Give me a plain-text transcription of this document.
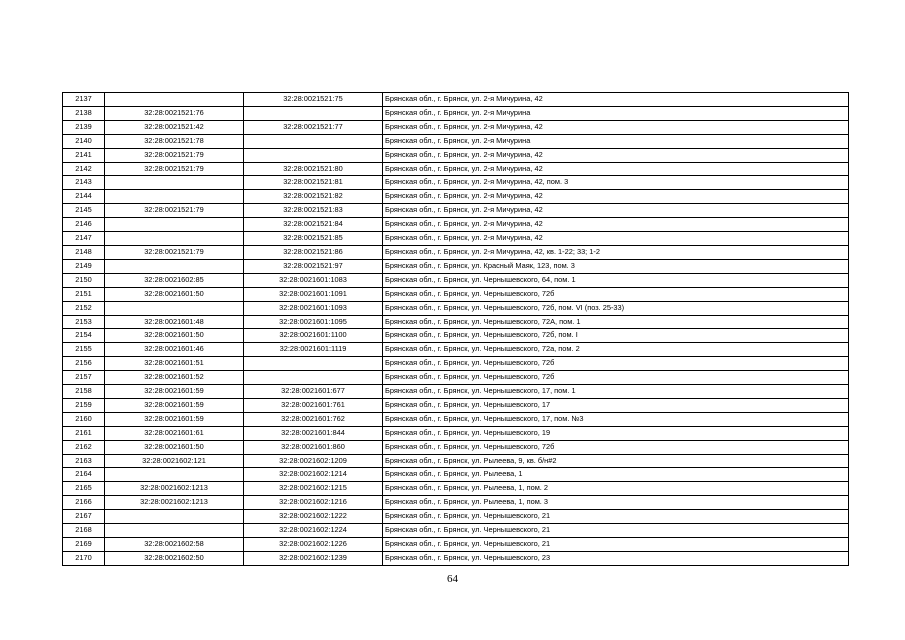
2137		32:28:0021521:75	Брянская обл., г. Брянск, ул. 2-я Мичурина, 42
2138	32:28:0021521:76		Брянская обл., г. Брянск, ул. 2-я Мичурина
2139	32:28:0021521:42	32:28:0021521:77	Брянская обл., г. Брянск, ул. 2-я Мичурина, 42
2140	32:28:0021521:78		Брянская обл., г. Брянск, ул. 2-я Мичурина
2141	32:28:0021521:79		Брянская обл., г. Брянск, ул. 2-я Мичурина, 42
2142	32:28:0021521:79	32:28:0021521:80	Брянская обл., г. Брянск, ул. 2-я Мичурина, 42
2143		32:28:0021521:81	Брянская обл., г. Брянск, ул. 2-я Мичурина, 42, пом. 3
2144		32:28:0021521:82	Брянская обл., г. Брянск, ул. 2-я Мичурина, 42
2145	32:28:0021521:79	32:28:0021521:83	Брянская обл., г. Брянск, ул. 2-я Мичурина, 42
2146		32:28:0021521:84	Брянская обл., г. Брянск, ул. 2-я Мичурина, 42
2147		32:28:0021521:85	Брянская обл., г. Брянск, ул. 2-я Мичурина, 42
2148	32:28:0021521:79	32:28:0021521:86	Брянская обл., г. Брянск, ул. 2-я Мичурина, 42, кв. 1-22; 33; 1-2
2149		32:28:0021521:97	Брянская обл., г. Брянск, ул. Красный Маяк, 123, пом. 3
2150	32:28:0021602:85	32:28:0021601:1083	Брянская обл., г. Брянск, ул. Чернышевского, 64, пом. 1
2151	32:28:0021601:50	32:28:0021601:1091	Брянская обл., г. Брянск, ул. Чернышевского, 72б
2152		32:28:0021601:1093	Брянская обл., г. Брянск, ул. Чернышевского, 72б, пом. VI (поз. 25-33)
2153	32:28:0021601:48	32:28:0021601:1095	Брянская обл., г. Брянск, ул. Чернышевского, 72А, пом. 1
2154	32:28:0021601:50	32:28:0021601:1100	Брянская обл., г. Брянск, ул. Чернышевского, 72б, пом. I
2155	32:28:0021601:46	32:28:0021601:1119	Брянская обл., г. Брянск, ул. Чернышевского, 72а, пом. 2
2156	32:28:0021601:51		Брянская обл., г. Брянск, ул. Чернышевского, 72б
2157	32:28:0021601:52		Брянская обл., г. Брянск, ул. Чернышевского, 72б
2158	32:28:0021601:59	32:28:0021601:677	Брянская обл., г. Брянск, ул. Чернышевского, 17, пом. 1
2159	32:28:0021601:59	32:28:0021601:761	Брянская обл., г. Брянск, ул. Чернышевского, 17
2160	32:28:0021601:59	32:28:0021601:762	Брянская обл., г. Брянск, ул. Чернышевского, 17, пом. №3
2161	32:28:0021601:61	32:28:0021601:844	Брянская обл., г. Брянск, ул. Чернышевского, 19
2162	32:28:0021601:50	32:28:0021601:860	Брянская обл., г. Брянск, ул. Чернышевского, 72б
2163	32:28:0021602:121	32:28:0021602:1209	Брянская обл., г. Брянск, ул. Рылеева, 9, кв. б/н#2
2164		32:28:0021602:1214	Брянская обл., г. Брянск, ул. Рылеева, 1
2165	32:28:0021602:1213	32:28:0021602:1215	Брянская обл., г. Брянск, ул. Рылеева, 1, пом. 2
2166	32:28:0021602:1213	32:28:0021602:1216	Брянская обл., г. Брянск, ул. Рылеева, 1, пом. 3
2167		32:28:0021602:1222	Брянская обл., г. Брянск, ул. Чернышевского, 21
2168		32:28:0021602:1224	Брянская обл., г. Брянск, ул. Чернышевского, 21
2169	32:28:0021602:58	32:28:0021602:1226	Брянская обл., г. Брянск, ул. Чернышевского, 21
2170	32:28:0021602:50	32:28:0021602:1239	Брянская обл., г. Брянск, ул. Чернышевского, 23
64
